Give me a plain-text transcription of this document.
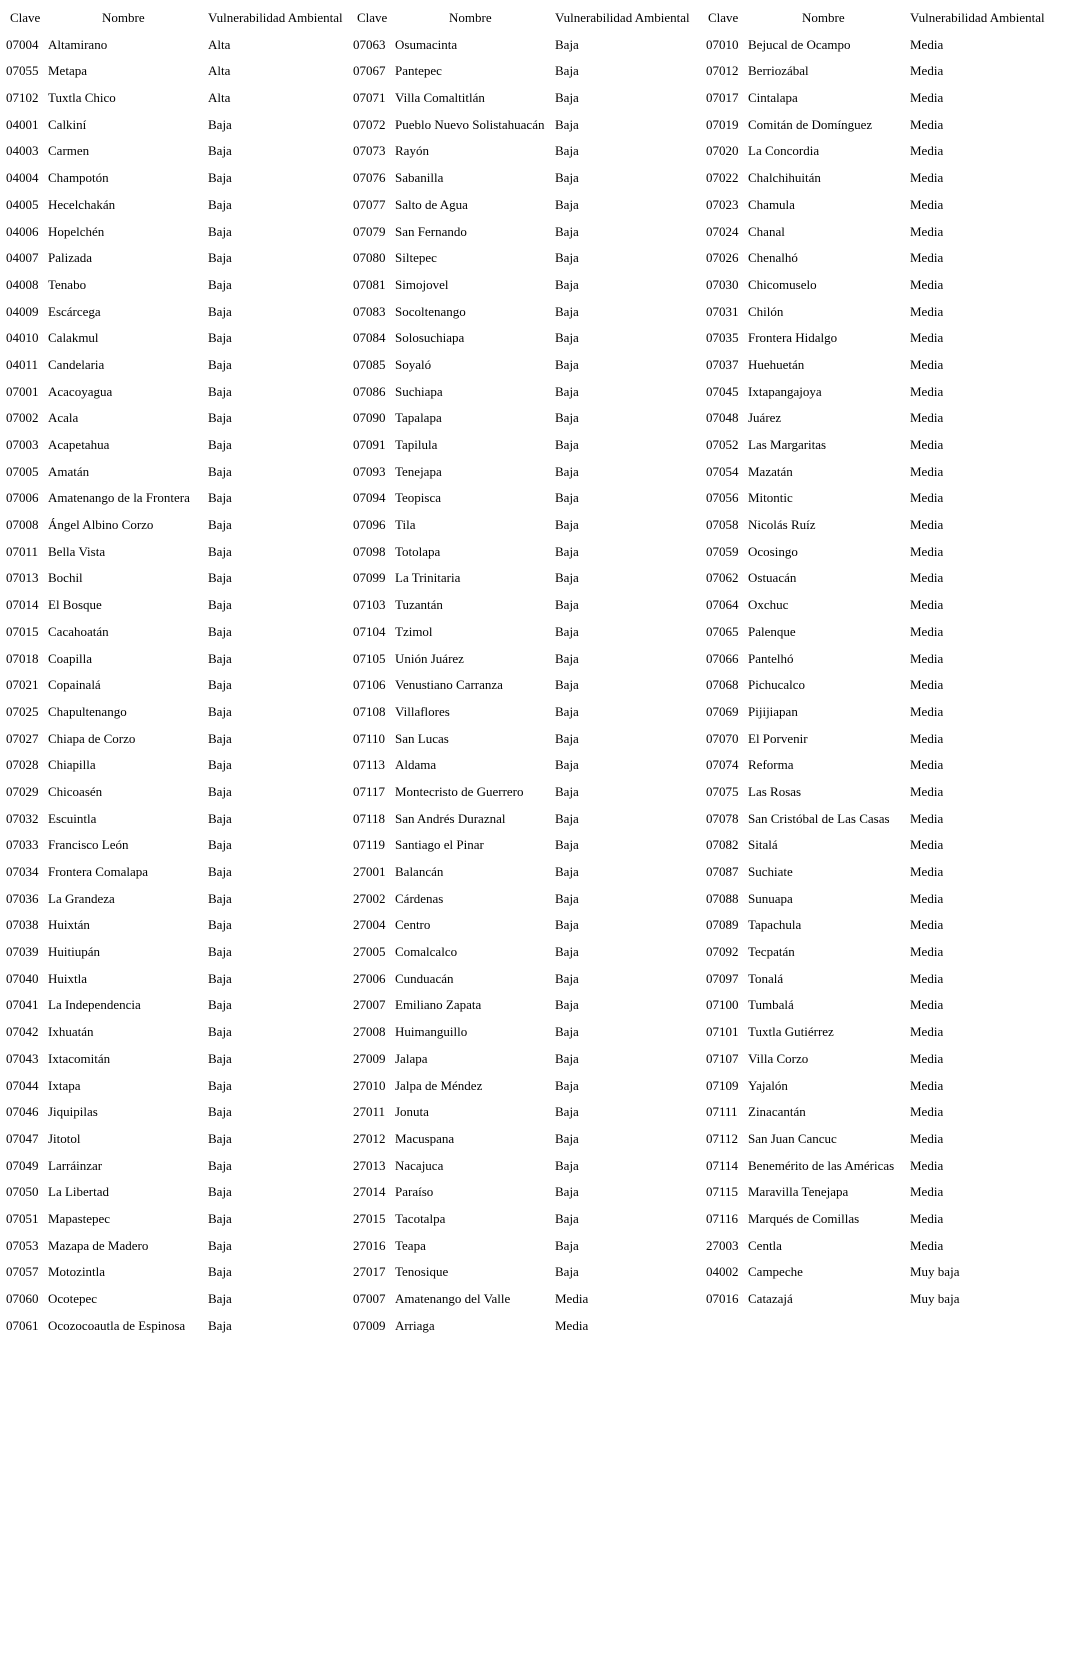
Clave	Nombre	Vulnerabilidad Ambiental
07004 Altamirano	Alta
07055 Metapa	Alta
07102 Tuxtla Chico	Alta
04001 Calkiní	Baja
04003 Carmen	Baja
04004 Champotón	Baja
04005 Hecelchakán	Baja
04006 Hopelchén	Baja
04007 Palizada	Baja
04008 Tenabo	Baja
04009 Escárcega	Baja
04010 Calakmul	Baja
04011 Candelaria	Baja
07001 Acacoyagua	Baja
07002 Acala	Baja
07003 Acapetahua	Baja
07005 Amatán	Baja
07006 Amatenango de la Frontera Baja
07008 Ángel Albino Corzo	Baja
07011 Bella Vista	Baja
07013 Bochil	Baja
07014 El Bosque	Baja
07015 Cacahoatán	Baja
07018 Coapilla	Baja
07021 Copainalá	Baja
07025 Chapultenango	Baja
07027 Chiapa de Corzo	Baja
07028 Chiapilla	Baja
07029 Chicoasén	Baja
07032 Escuintla	Baja
07033 Francisco León	Baja
07034 Frontera Comalapa	Baja
07036 La Grandeza	Baja
07038 Huixtán	Baja
07039 Huitiupán	Baja
07040 Huixtla	Baja
07041 La Independencia	Baja
07042 Ixhuatán	Baja
07043 Ixtacomitán	Baja
07044 Ixtapa	Baja
07046 Jiquipilas	Baja
07047 Jitotol	Baja
07049 Larráinzar	Baja
07050 La Libertad	Baja
07051 Mapastepec	Baja
07053 Mazapa de Madero	Baja
07057 Motozintla	Baja
07060 Ocotepec	Baja
07061 Ocozocoautla de Espinosa Baja
Clave	Nombre	Vulnerabilidad Ambiental
07063 Osumacinta	Baja
07067 Pantepec	Baja
07071 Villa Comaltitlán	Baja
07072 Pueblo Nuevo Solistahuacán Baja
07073 Rayón	Baja
07076 Sabanilla	Baja
07077 Salto de Agua	Baja
07079 San Fernando	Baja
07080 Siltepec	Baja
07081 Simojovel	Baja
07083 Socoltenango	Baja
07084 Solosuchiapa	Baja
07085 Soyaló	Baja
07086 Suchiapa	Baja
07090 Tapalapa	Baja
07091 Tapilula	Baja
07093 Tenejapa	Baja
07094 Teopisca	Baja
07096 Tila	Baja
07098 Totolapa	Baja
07099 La Trinitaria	Baja
07103 Tuzantán	Baja
07104 Tzimol	Baja
07105 Unión Juárez	Baja
07106 Venustiano Carranza	Baja
07108 Villaflores	Baja
07110 San Lucas	Baja
07113 Aldama	Baja
07117 Montecristo de Guerrero Baja
07118 San Andrés Duraznal	Baja
07119 Santiago el Pinar	Baja
27001 Balancán	Baja
27002 Cárdenas	Baja
27004 Centro	Baja
27005 Comalcalco	Baja
27006 Cunduacán	Baja
27007 Emiliano Zapata	Baja
27008 Huimanguillo	Baja
27009 Jalapa	Baja
27010 Jalpa de Méndez	Baja
27011 Jonuta	Baja
27012 Macuspana	Baja
27013 Nacajuca	Baja
27014 Paraíso	Baja
27015 Tacotalpa	Baja
27016 Teapa	Baja
27017 Tenosique	Baja
07007 Amatenango del Valle	Media
07009 Arriaga	Media
Clave	Nombre	Vulnerabilidad Ambiental
07010 Bejucal de Ocampo	Media
07012 Berriozábal	Media
07017 Cintalapa	Media
07019 Comitán de Domínguez	Media
07020 La Concordia	Media
07022 Chalchihuitán	Media
07023 Chamula	Media
07024 Chanal	Media
07026 Chenalhó	Media
07030 Chicomuselo	Media
07031 Chilón	Media
07035 Frontera Hidalgo	Media
07037 Huehuetán	Media
07045 Ixtapangajoya	Media
07048 Juárez	Media
07052 Las Margaritas	Media
07054 Mazatán	Media
07056 Mitontic	Media
07058 Nicolás Ruíz	Media
07059 Ocosingo	Media
07062 Ostuacán	Media
07064 Oxchuc	Media
07065 Palenque	Media
07066 Pantelhó	Media
07068 Pichucalco	Media
07069 Pijijiapan	Media
07070 El Porvenir	Media
07074 Reforma	Media
07075 Las Rosas	Media
07078 San Cristóbal de Las Casas Media
07082 Sitalá	Media
07087 Suchiate	Media
07088 Sunuapa	Media
07089 Tapachula	Media
07092 Tecpatán	Media
07097 Tonalá	Media
07100 Tumbalá	Media
07101 Tuxtla Gutiérrez	Media
07107 Villa Corzo	Media
07109 Yajalón	Media
07111 Zinacantán	Media
07112 San Juan Cancuc	Media
07114 Benemérito de las Américas Media
07115 Maravilla Tenejapa	Media
07116 Marqués de Comillas	Media
27003 Centla	Media
04002 Campeche	Muy baja
07016 Catazajá	Muy baja
